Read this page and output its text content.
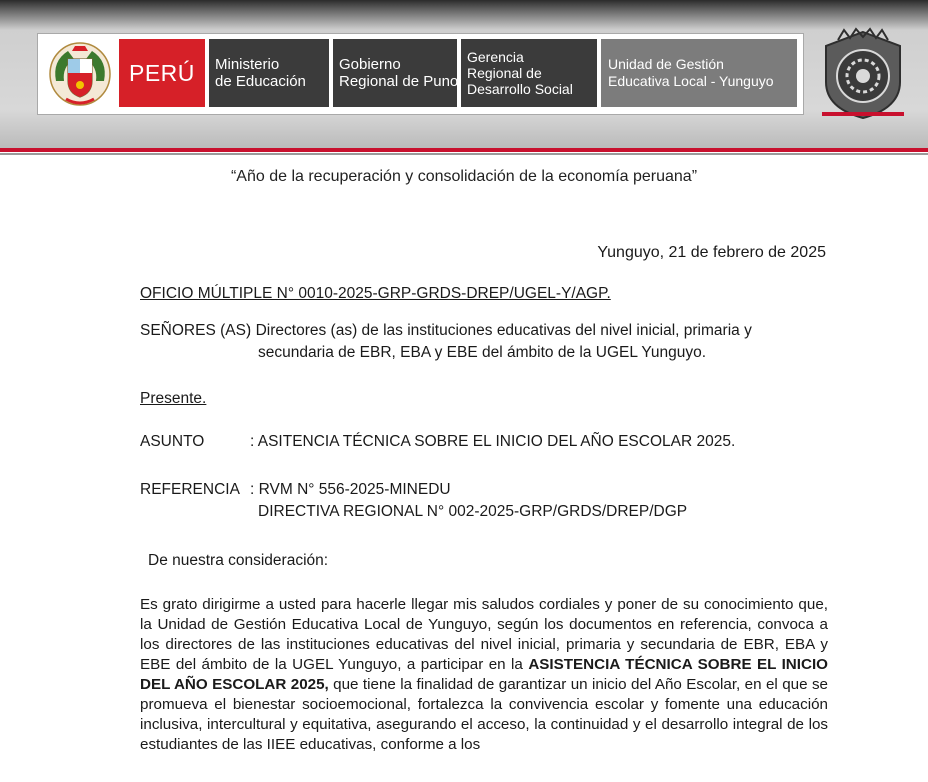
PERÚ	Ministerio
de Educación
Gobierno
Regional de Puno
Gerencia
Regional de
Desarrollo Social
Unidad de Gestión
Educativa Local - Yunguyo
“Año de la recuperación y consolidación de la economía peruana”
Yunguyo, 21 de febrero de 2025
OFICIO MÚLTIPLE N° 0010-2025-GRP-GRDS-DREP/UGEL-Y/AGP.
SEÑORES (AS)
: Directores (as) de las instituciones educativas del nivel inicial, primaria y
secundaria de EBR, EBA y EBE del ámbito de la UGEL Yunguyo.
Presente.
ASUNTO	: ASITENCIA TÉCNICA SOBRE EL INICIO DEL AÑO ESCOLAR 2025.
REFERENCIA : RVM N° 556-2025-MINEDU
DIRECTIVA REGIONAL N° 002-2025-GRP/GRDS/DREP/DGP
De nuestra consideración:
Es grato dirigirme a usted para hacerle llegar mis saludos cordiales y poner de su conocimiento que, la Unidad de Gestión Educativa Local de Yunguyo, según los documentos en referencia, convoca a los directores de las instituciones educativas del nivel inicial, primaria y secundaria de EBR, EBA y EBE del ámbito de la UGEL Yunguyo, a participar en la ASISTENCIA TÉCNICA SOBRE EL INICIO DEL AÑO ESCOLAR 2025, que tiene la finalidad de garantizar un inicio del Año Escolar, en el que se promueva el bienestar socioemocional, fortalezca la convivencia escolar y fomente una educación inclusiva, intercultural y equitativa, asegurando el acceso, la continuidad y el desarrollo integral de los estudiantes de las IIEE educativas, conforme a los
